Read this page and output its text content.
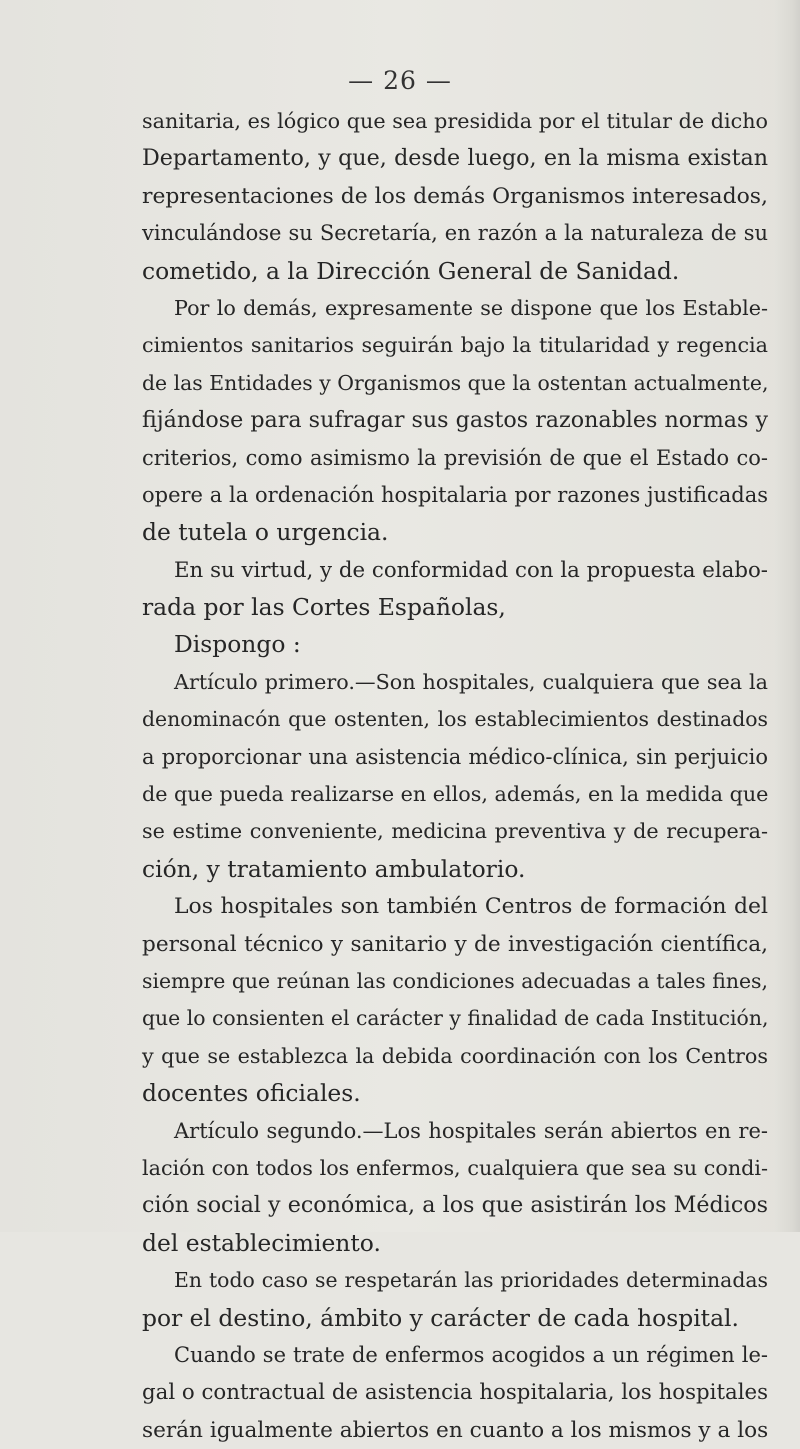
— 26 —
sanitaria, es lógico que sea presidida por el titular de dicho
Departamento, y que, desde luego, en la misma existan
representaciones de los demás Organismos interesados,
vinculándose su Secretaría, en razón a la naturaleza de su
cometido, a la Dirección General de Sanidad.
Por lo demás, expresamente se dispone que los Estable-
cimientos sanitarios seguirán bajo la titularidad y regencia
de las Entidades y Organismos que la ostentan actualmente,
fijándose para sufragar sus gastos razonables normas y
criterios, como asimismo la previsión de que el Estado co-
opere a la ordenación hospitalaria por razones justificadas
de tutela o urgencia.
En su virtud, y de conformidad con la propuesta elabo-
rada por las Cortes Españolas,
Dispongo :
Artículo primero.—Son hospitales, cualquiera que sea la
denominacón que ostenten, los establecimientos destinados
a proporcionar una asistencia médico-clínica, sin perjuicio
de que pueda realizarse en ellos, además, en la medida que
se estime conveniente, medicina preventiva y de recupera-
ción, y tratamiento ambulatorio.
Los hospitales son también Centros de formación del
personal técnico y sanitario y de investigación científica,
siempre que reúnan las condiciones adecuadas a tales fines,
que lo consienten el carácter y finalidad de cada Institución,
y que se establezca la debida coordinación con los Centros
docentes oficiales.
Artículo segundo.—Los hospitales serán abiertos en re-
lación con todos los enfermos, cualquiera que sea su condi-
ción social y económica, a los que asistirán los Médicos
del establecimiento.
En todo caso se respetarán las prioridades determinadas
por el destino, ámbito y carácter de cada hospital.
Cuando se trate de enfermos acogidos a un régimen le-
gal o contractual de asistencia hospitalaria, los hospitales
serán igualmente abiertos en cuanto a los mismos y a los
